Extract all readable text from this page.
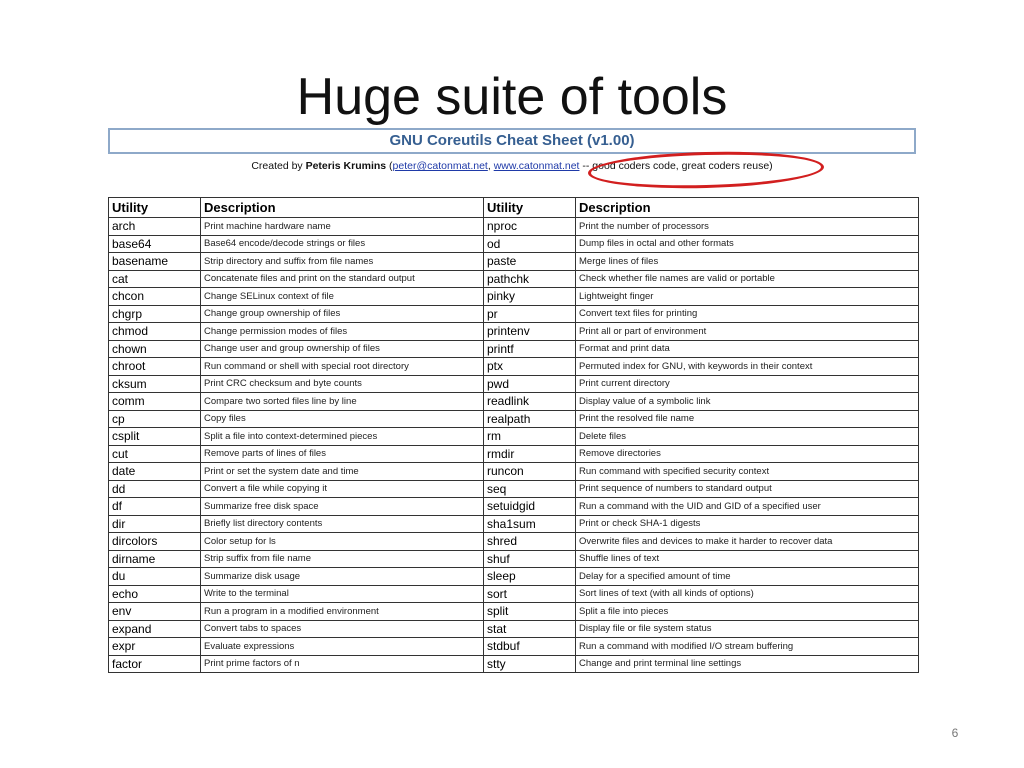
Huge suite of tools
GNU Coreutils Cheat Sheet (v1.00)
Created by Peteris Krumins (peter@catonmat.net, www.catonmat.net -- good coders code, great coders reuse)
Utility	Description	Utility	Description
arch	Print machine hardware name	nproc	Print the number of processors
base64	Base64 encode/decode strings or files	od	Dump files in octal and other formats
basename	Strip directory and suffix from file names	paste	Merge lines of files
cat	Concatenate files and print on the standard output	pathchk	Check whether file names are valid or portable
chcon	Change SELinux context of file	pinky	Lightweight finger
chgrp	Change group ownership of files	pr	Convert text files for printing
chmod	Change permission modes of files	printenv	Print all or part of environment
chown	Change user and group ownership of files	printf	Format and print data
chroot	Run command or shell with special root directory	ptx	Permuted index for GNU, with keywords in their context
cksum	Print CRC checksum and byte counts	pwd	Print current directory
comm	Compare two sorted files line by line	readlink	Display value of a symbolic link
cp	Copy files	realpath	Print the resolved file name
csplit	Split a file into context-determined pieces	rm	Delete files
cut	Remove parts of lines of files	rmdir	Remove directories
date	Print or set the system date and time	runcon	Run command with specified security context
dd	Convert a file while copying it	seq	Print sequence of numbers to standard output
df	Summarize free disk space	setuidgid	Run a command with the UID and GID of a specified user
dir	Briefly list directory contents	sha1sum	Print or check SHA-1 digests
dircolors	Color setup for ls	shred	Overwrite files and devices to make it harder to recover data
dirname	Strip suffix from file name	shuf	Shuffle lines of text
du	Summarize disk usage	sleep	Delay for a specified amount of time
echo	Write to the terminal	sort	Sort lines of text (with all kinds of options)
env	Run a program in a modified environment	split	Split a file into pieces
expand	Convert tabs to spaces	stat	Display file or file system status
expr	Evaluate expressions	stdbuf	Run a command with modified I/O stream buffering
factor	Print prime factors of n	stty	Change and print terminal line settings
6
